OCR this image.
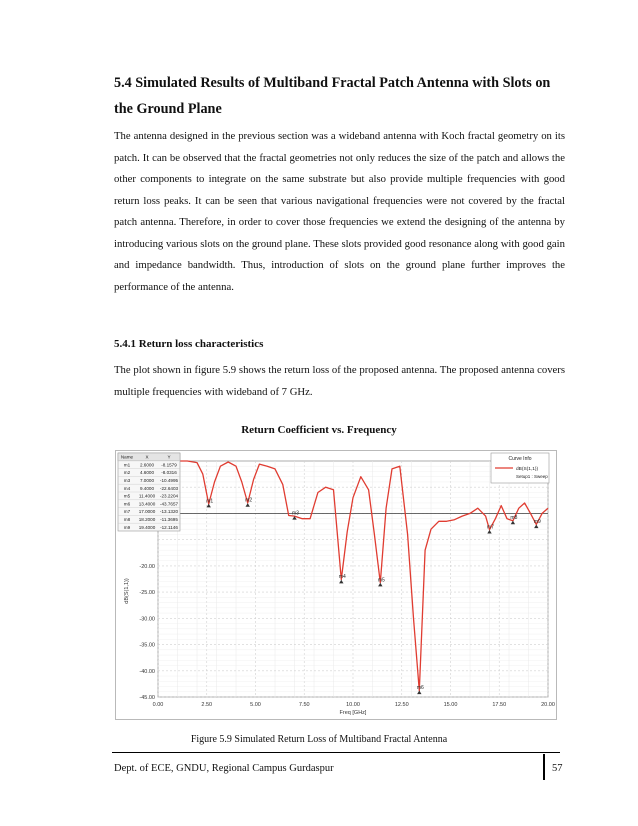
5.4 Simulated Results of Multiband Fractal Patch Antenna with Slots on the Ground Plane

The antenna designed in the previous section was a wideband antenna with Koch fractal geometry on its patch. It can be observed that the fractal geometries not only reduces the size of the patch and allows the other components to integrate on the same substrate but also provide multiple frequencies with good return loss peaks. It can be seen that various navigational frequencies were not covered by the fractal patch antenna. Therefore, in order to cover those frequencies we extend the designing of the antenna by introducing various slots on the ground plane. These slots provided good resonance along with good gain and impedance bandwidth. Thus, introduction of slots on the ground plane further improves the performance of the antenna.

5.4.1 Return loss characteristics

The plot shown in figure 5.9 shows the return loss of the proposed antenna. The proposed antenna covers multiple frequencies with wideband of 7 GHz.

Return Coefficient vs. Frequency

0.00	2.50	5.00	7.50	10.00	12.50	15.00	17.50	20.00
-20.00
-25.00
-30.00
-35.00
-40.00
-45.00
Freq [GHz]
dB(S(1,1))
m1	m2
m3
m4
m5
m6
m7
m8
m9
Name	X	Y
m1 2.6000 -8.1579
m2 4.6000 -8.0316
m3 7.0000 -10.4995
m4 9.4000 -22.6403
m5 11.4000 -23.2204
m6 13.4000 -43.7657
m7 17.0000 -13.1320
m8 18.2000 -11.3695
m9 19.4000 -12.1146
Curve Info
dB(S(1,1))
Setup1 : Sweep

Figure 5.9 Simulated Return Loss of Multiband Fractal Antenna

Dept. of ECE, GNDU, Regional Campus Gurdaspur	57
